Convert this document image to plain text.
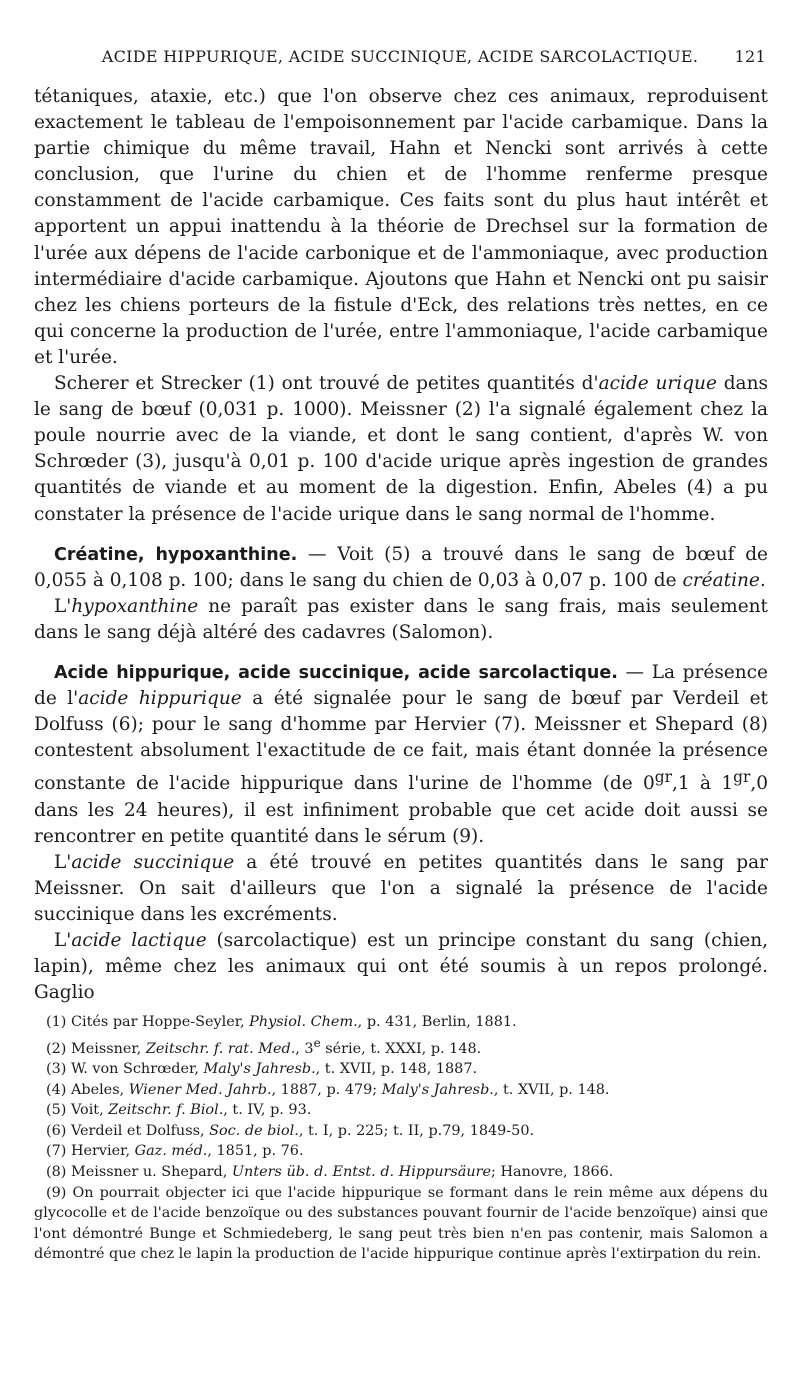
ACIDE HIPPURIQUE, ACIDE SUCCINIQUE, ACIDE SARCOLACTIQUE.	121

tétaniques, ataxie, etc.) que l'on observe chez ces animaux, reproduisent exactement le tableau de l'empoisonnement par l'acide carbamique. Dans la partie chimique du même travail, Hahn et Nencki sont arrivés à cette conclusion, que l'urine du chien et de l'homme renferme presque constamment de l'acide carbamique. Ces faits sont du plus haut intérêt et apportent un appui inattendu à la théorie de Drechsel sur la formation de l'urée aux dépens de l'acide carbonique et de l'ammoniaque, avec production intermédiaire d'acide carbamique. Ajoutons que Hahn et Nencki ont pu saisir chez les chiens porteurs de la fistule d'Eck, des relations très nettes, en ce qui concerne la production de l'urée, entre l'ammoniaque, l'acide carbamique et l'urée.

Scherer et Strecker (1) ont trouvé de petites quantités d'acide urique dans le sang de bœuf (0,031 p. 1000). Meissner (2) l'a signalé également chez la poule nourrie avec de la viande, et dont le sang contient, d'après W. von Schrœder (3), jusqu'à 0,01 p. 100 d'acide urique après ingestion de grandes quantités de viande et au moment de la digestion. Enfin, Abeles (4) a pu constater la présence de l'acide urique dans le sang normal de l'homme.

Créatine, hypoxanthine. — Voit (5) a trouvé dans le sang de bœuf de 0,055 à 0,108 p. 100; dans le sang du chien de 0,03 à 0,07 p. 100 de créatine.

L'hypoxanthine ne paraît pas exister dans le sang frais, mais seulement dans le sang déjà altéré des cadavres (Salomon).

Acide hippurique, acide succinique, acide sarcolactique. — La présence de l'acide hippurique a été signalée pour le sang de bœuf par Verdeil et Dolfuss (6); pour le sang d'homme par Hervier (7). Meissner et Shepard (8) contestent absolument l'exactitude de ce fait, mais étant donnée la présence constante de l'acide hippurique dans l'urine de l'homme (de $0^{gr},1$ à $1^{gr},0$ dans les 24 heures), il est infiniment probable que cet acide doit aussi se rencontrer en petite quantité dans le sérum (9).

L'acide succinique a été trouvé en petites quantités dans le sang par Meissner. On sait d'ailleurs que l'on a signalé la présence de l'acide succinique dans les excréments.

L'acide lactique (sarcolactique) est un principe constant du sang (chien, lapin), même chez les animaux qui ont été soumis à un repos prolongé. Gaglio

(1) Cités par Hoppe-Seyler, Physiol. Chem., p. 431, Berlin, 1881.

(2) Meissner, Zeitschr. f. rat. Med., 3e série, t. XXXI, p. 148.

(3) W. von Schrœder, Maly's Jahresb., t. XVII, p. 148, 1887.

(4) Abeles, Wiener Med. Jahrb., 1887, p. 479; Maly's Jahresb., t. XVII, p. 148.

(5) Voit, Zeitschr. f. Biol., t. IV, p. 93.

(6) Verdeil et Dolfuss, Soc. de biol., t. I, p. 225; t. II, p.79, 1849-50.

(7) Hervier, Gaz. méd., 1851, p. 76.

(8) Meissner u. Shepard, Unters üb. d. Entst. d. Hippursäure; Hanovre, 1866.

(9) On pourrait objecter ici que l'acide hippurique se formant dans le rein même aux dépens du glycocolle et de l'acide benzoïque ou des substances pouvant fournir de l'acide benzoïque) ainsi que l'ont démontré Bunge et Schmiedeberg, le sang peut très bien n'en pas contenir, mais Salomon a démontré que chez le lapin la production de l'acide hippurique continue après l'extirpation du rein.
